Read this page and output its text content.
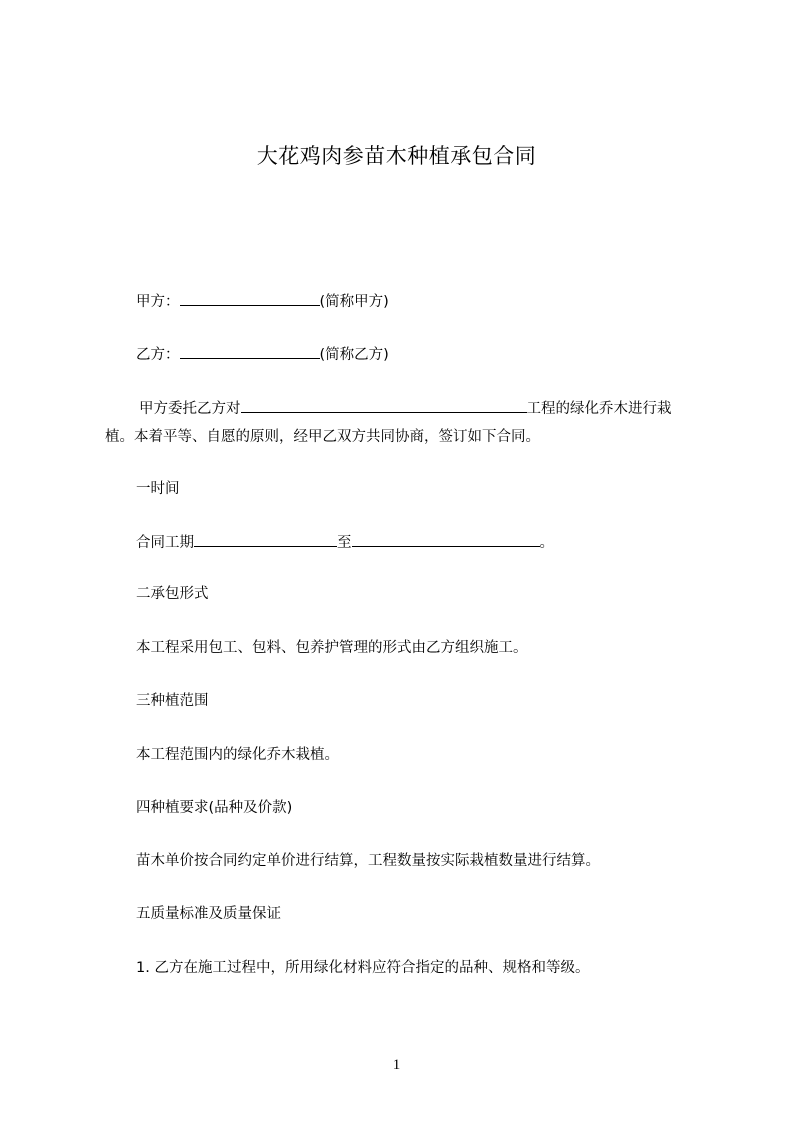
大花鸡肉参苗木种植承包合同
甲方：	(简称甲方)
乙方：	(简称乙方)
甲方委托乙方对	工程的绿化乔木进行栽
植。本着平等、自愿的原则，经甲乙双方共同协商，签订如下合同。
一时间
合同工期	至	。
二承包形式
本工程采用包工、包料、包养护管理的形式由乙方组织施工。
三种植范围
本工程范围内的绿化乔木栽植。
四种植要求(品种及价款)
苗木单价按合同约定单价进行结算，工程数量按实际栽植数量进行结算。
五质量标准及质量保证
1. 乙方在施工过程中，所用绿化材料应符合指定的品种、规格和等级。
1
